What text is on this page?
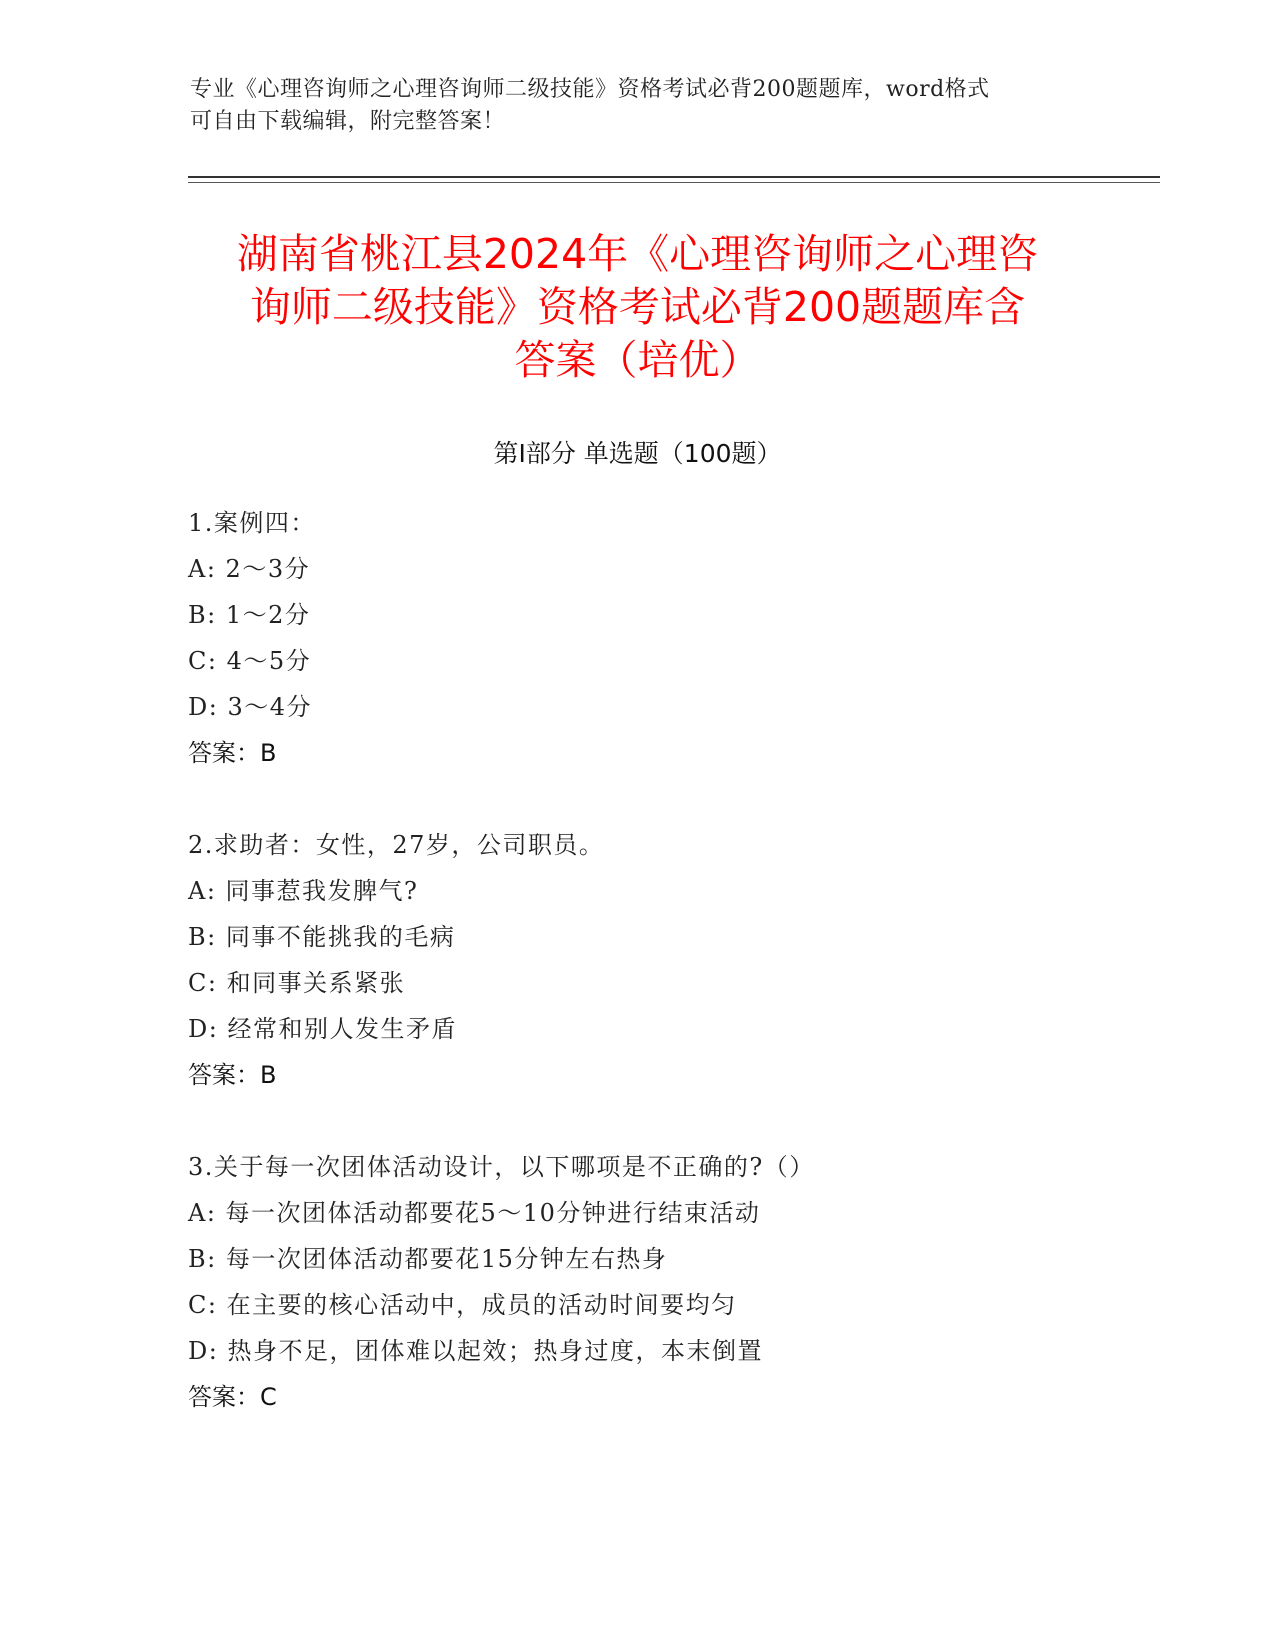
专业《心理咨询师之心理咨询师二级技能》资格考试必背200题题库，word格式
可自由下载编辑，附完整答案！
湖南省桃江县2024年《心理咨询师之心理咨
询师二级技能》资格考试必背200题题库含
答案（培优）
第Ⅰ部分 单选题（100题）
1.案例四：
A: 2～3分
B: 1～2分
C: 4～5分
D: 3～4分
答案：B
2.求助者：女性，27岁，公司职员。
A: 同事惹我发脾气?
B: 同事不能挑我的毛病
C: 和同事关系紧张
D: 经常和别人发生矛盾
答案：B
3.关于每一次团体活动设计，以下哪项是不正确的?（）
A: 每一次团体活动都要花5～10分钟进行结束活动
B: 每一次团体活动都要花15分钟左右热身
C: 在主要的核心活动中，成员的活动时间要均匀
D: 热身不足，团体难以起效；热身过度，本末倒置
答案：C
